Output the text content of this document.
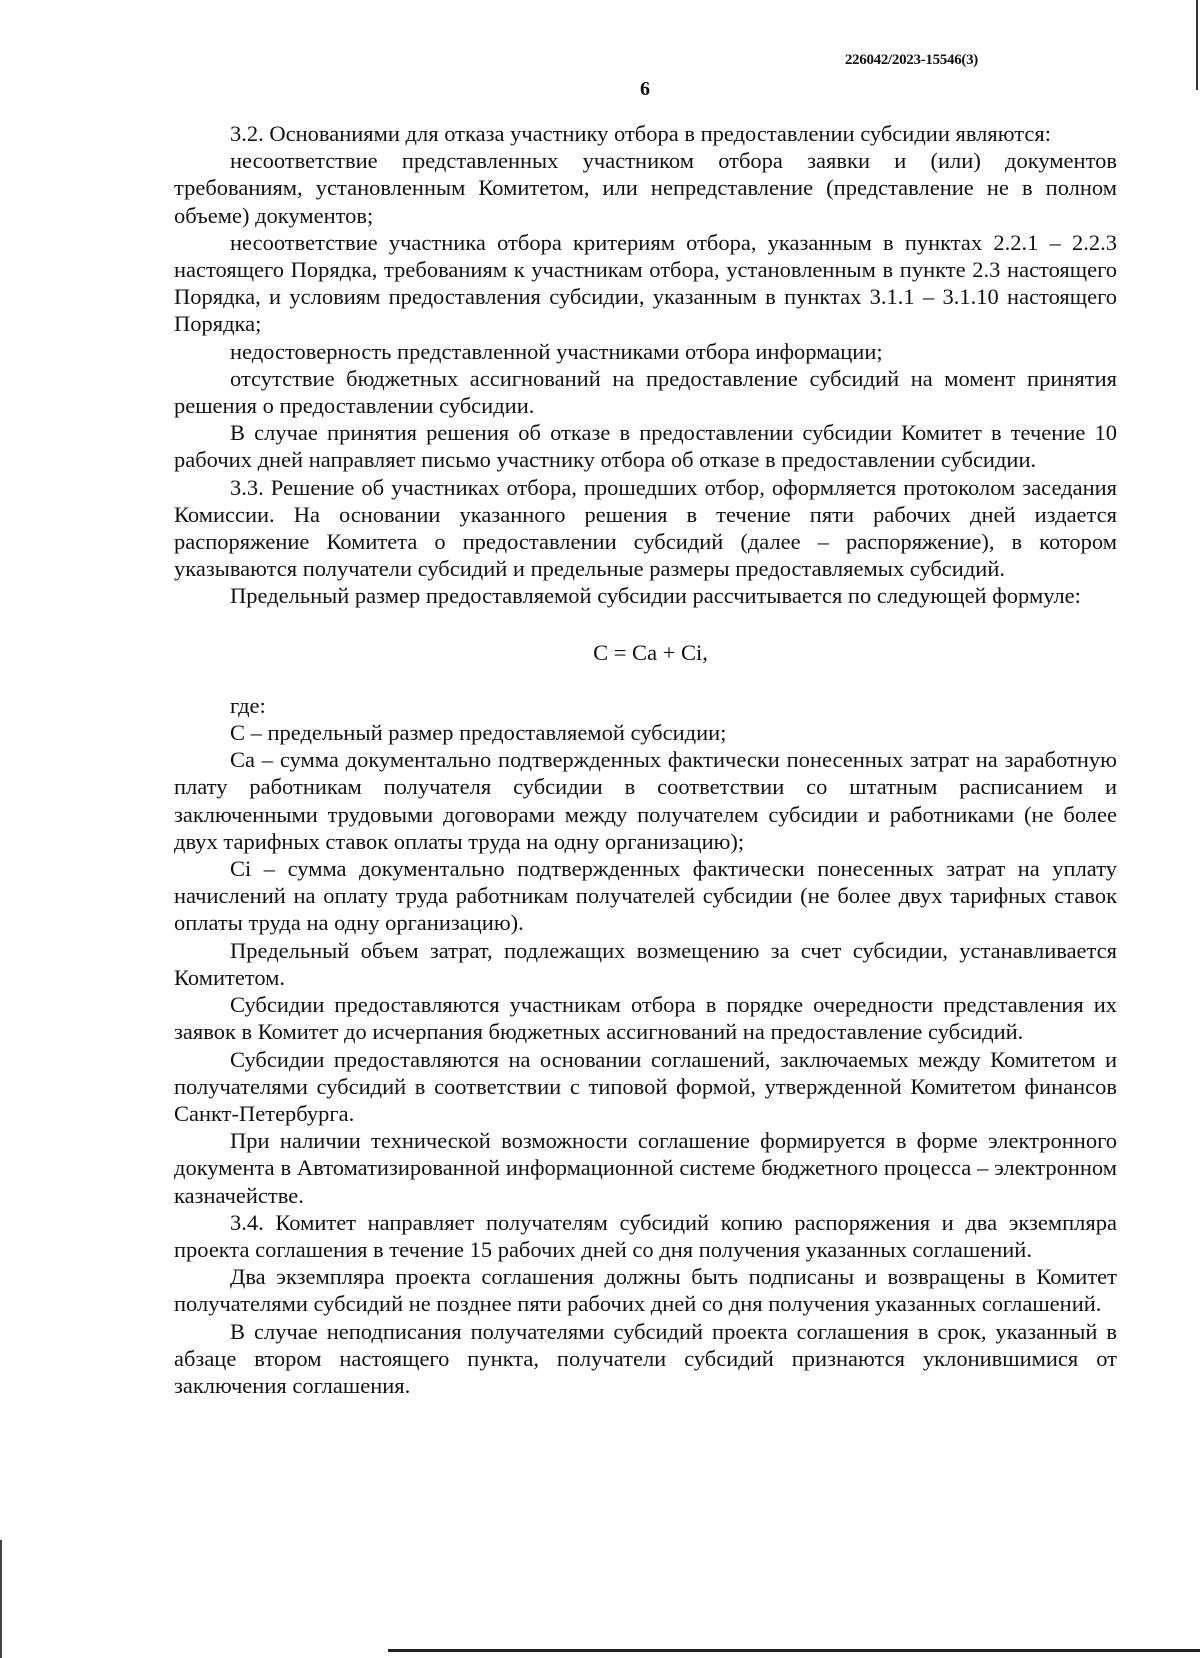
226042/2023-15546(3)
6

3.2. Основаниями для отказа участнику отбора в предоставлении субсидии являются:

несоответствие представленных участником отбора заявки и (или) документов требованиям, установленным Комитетом, или непредставление (представление не в полном объеме) документов;

несоответствие участника отбора критериям отбора, указанным в пунктах 2.2.1 – 2.2.3 настоящего Порядка, требованиям к участникам отбора, установленным в пункте 2.3 настоящего Порядка, и условиям предоставления субсидии, указанным в пунктах 3.1.1 – 3.1.10 настоящего Порядка;

недостоверность представленной участниками отбора информации;

отсутствие бюджетных ассигнований на предоставление субсидий на момент принятия решения о предоставлении субсидии.

В случае принятия решения об отказе в предоставлении субсидии Комитет в течение 10 рабочих дней направляет письмо участнику отбора об отказе в предоставлении субсидии.

3.3. Решение об участниках отбора, прошедших отбор, оформляется протоколом заседания Комиссии. На основании указанного решения в течение пяти рабочих дней издается распоряжение Комитета о предоставлении субсидий (далее – распоряжение), в котором указываются получатели субсидий и предельные размеры предоставляемых субсидий.

Предельный размер предоставляемой субсидии рассчитывается по следующей формуле:

C = Ca + Ci,

где:

С – предельный размер предоставляемой субсидии;

Са – сумма документально подтвержденных фактически понесенных затрат на заработную плату работникам получателя субсидии в соответствии со штатным расписанием и заключенными трудовыми договорами между получателем субсидии и работниками (не более двух тарифных ставок оплаты труда на одну организацию);

Ci – сумма документально подтвержденных фактически понесенных затрат на уплату начислений на оплату труда работникам получателей субсидии (не более двух тарифных ставок оплаты труда на одну организацию).

Предельный объем затрат, подлежащих возмещению за счет субсидии, устанавливается Комитетом.

Субсидии предоставляются участникам отбора в порядке очередности представления их заявок в Комитет до исчерпания бюджетных ассигнований на предоставление субсидий.

Субсидии предоставляются на основании соглашений, заключаемых между Комитетом и получателями субсидий в соответствии с типовой формой, утвержденной Комитетом финансов Санкт-Петербурга.

При наличии технической возможности соглашение формируется в форме электронного документа в Автоматизированной информационной системе бюджетного процесса – электронном казначействе.

3.4. Комитет направляет получателям субсидий копию распоряжения и два экземпляра проекта соглашения в течение 15 рабочих дней со дня получения указанных соглашений.

Два экземпляра проекта соглашения должны быть подписаны и возвращены в Комитет получателями субсидий не позднее пяти рабочих дней со дня получения указанных соглашений.

В случае неподписания получателями субсидий проекта соглашения в срок, указанный в абзаце втором настоящего пункта, получатели субсидий признаются уклонившимися от заключения соглашения.
